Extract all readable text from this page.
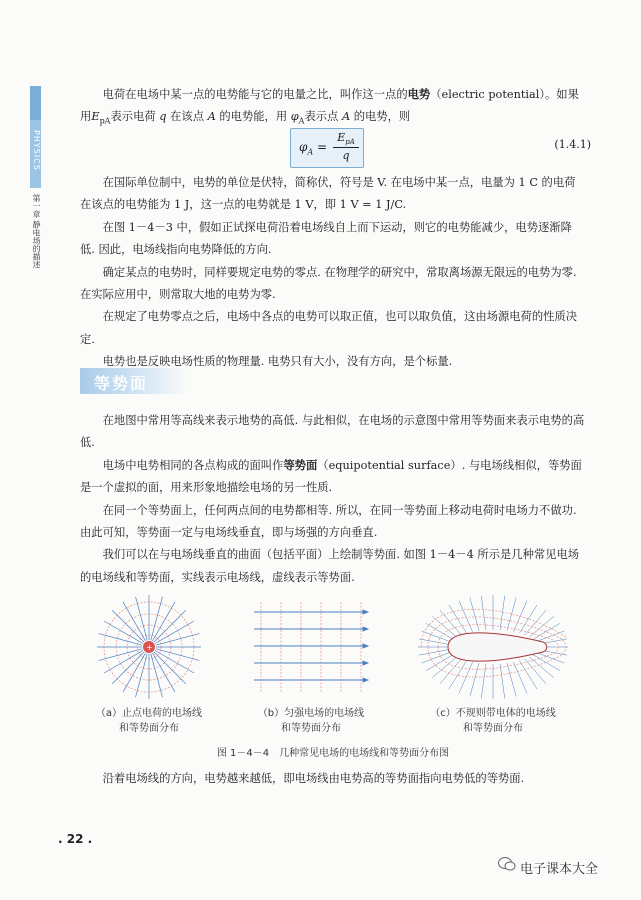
PHYSICS
第一章 静电场的描述

电荷在电场中某一点的电势能与它的电量之比，叫作这一点的电势（electric potential）。如果用$E_{pA}$表示电荷 q 在该点 A 的电势能，用 $\varphi_A$表示点 A 的电势，则

$\varphi_A$ =
$E_{pA}$
q
(1.4.1)

在国际单位制中，电势的单位是伏特，简称伏，符号是 V. 在电场中某一点，电量为 1 C 的电荷在该点的电势能为 1 J，这一点的电势就是 1 V，即 1 V = 1 J/C.

在图 1－4－3 中，假如正试探电荷沿着电场线自上而下运动，则它的电势能减少，电势逐渐降低. 因此，电场线指向电势降低的方向.

确定某点的电势时，同样要规定电势的零点. 在物理学的研究中，常取离场源无限远的电势为零. 在实际应用中，则常取大地的电势为零.

在规定了电势零点之后，电场中各点的电势可以取正值，也可以取负值，这由场源电荷的性质决定.

电势也是反映电场性质的物理量. 电势只有大小，没有方向，是个标量.

等势面

在地图中常用等高线来表示地势的高低. 与此相似，在电场的示意图中常用等势面来表示电势的高低.

电场中电势相同的各点构成的面叫作等势面（equipotential surface）. 与电场线相似，等势面是一个虚拟的面，用来形象地描绘电场的另一性质.

在同一个等势面上，任何两点间的电势都相等. 所以，在同一等势面上移动电荷时电场力不做功. 由此可知，等势面一定与电场线垂直，即与场强的方向垂直.

我们可以在与电场线垂直的曲面（包括平面）上绘制等势面. 如图 1－4－4 所示是几种常见电场的电场线和等势面，实线表示电场线，虚线表示等势面.

+
（a）止点电荷的电场线
和等势面分布
（b）匀强电场的电场线
和等势面分布
（c）不规则带电体的电场线
和等势面分布
图 1－4－4　几种常见电场的电场线和等势面分布图

沿着电场线的方向，电势越来越低，即电场线由电势高的等势面指向电势低的等势面.

. 22 .
电子课本大全
